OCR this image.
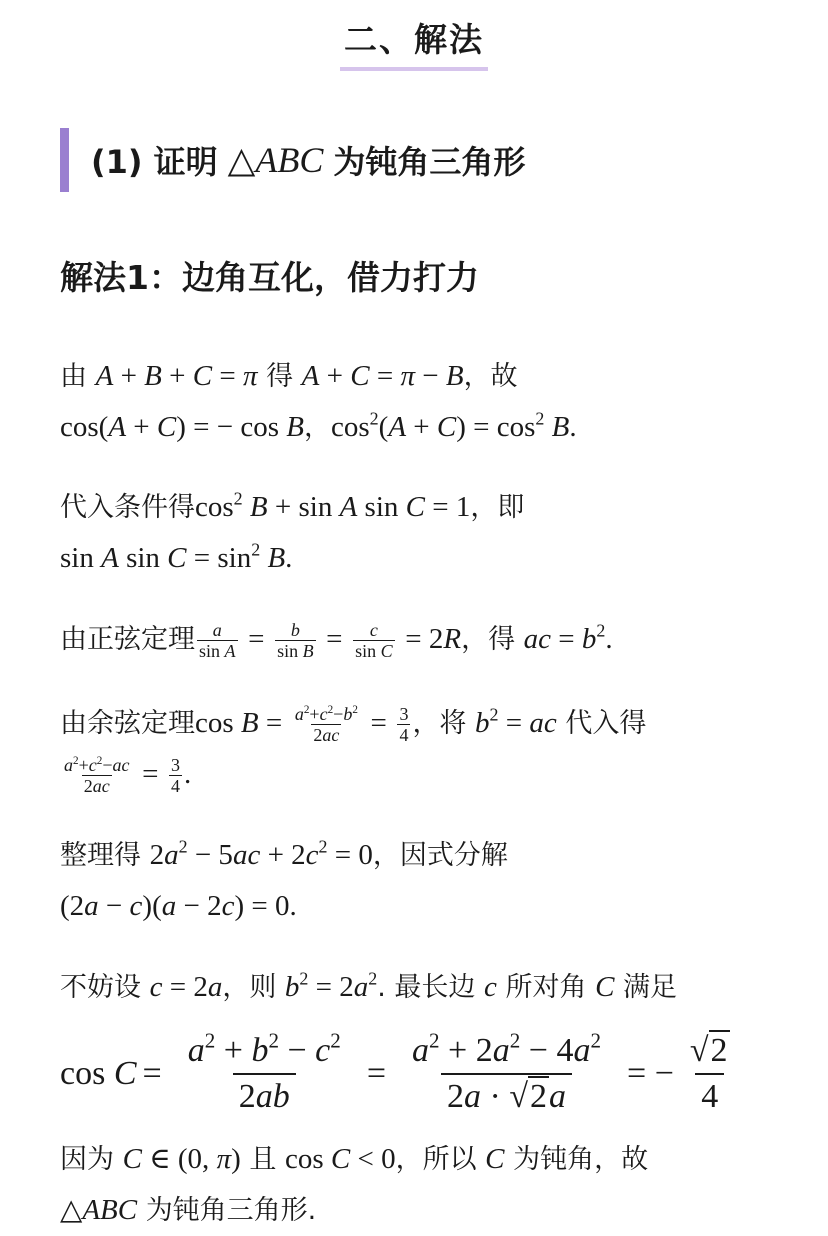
二、解法
(1) 证明 △ABC 为钝角三角形
解法1：边角互化，借力打力
由 A + B + C = π 得 A + C = π − B，故
cos(A + C) = − cos B，$\cos^2(A + C) = \cos^2 B$.
代入条件得$\cos^2 B + \sin A$ sin C = 1，即
sin A $\sin C = \sin^2 B$.
由正弦定理 $\frac{a}{\text{sin A}} = \frac{b}{\text{sin B}} = \frac{c}{\text{sin C}} = 2R$，得 ac = $b^2$.
由余弦定理$\cos B = \frac{a^2+c^2-b^2}{2ac} = \frac{3}{4}$ ，将 $b^2$ = ac 代入得
$\frac{a^2+c^2-ac}{2ac} = \frac{3}{4}$ .
整理得 $2a^2 - 5ac + 2c^2 = 0$，因式分解
(2a − c)(a − 2c) = 0.
不妨设 c = 2a，则 $b^2 = 2a^2$. 最长边 c 所对角 C 满足
$\cos C = \frac{a^2 + b^2 - c^2}{2ab} = \frac{a^2 + 2a^2 - 4a^2}{2a \cdot √2a}$ = − $\frac{√2}{4}$
因为 C ∈ (0, π) 且 cos C < 0，所以 C 为钝角，故
△ABC 为钝角三角形.
